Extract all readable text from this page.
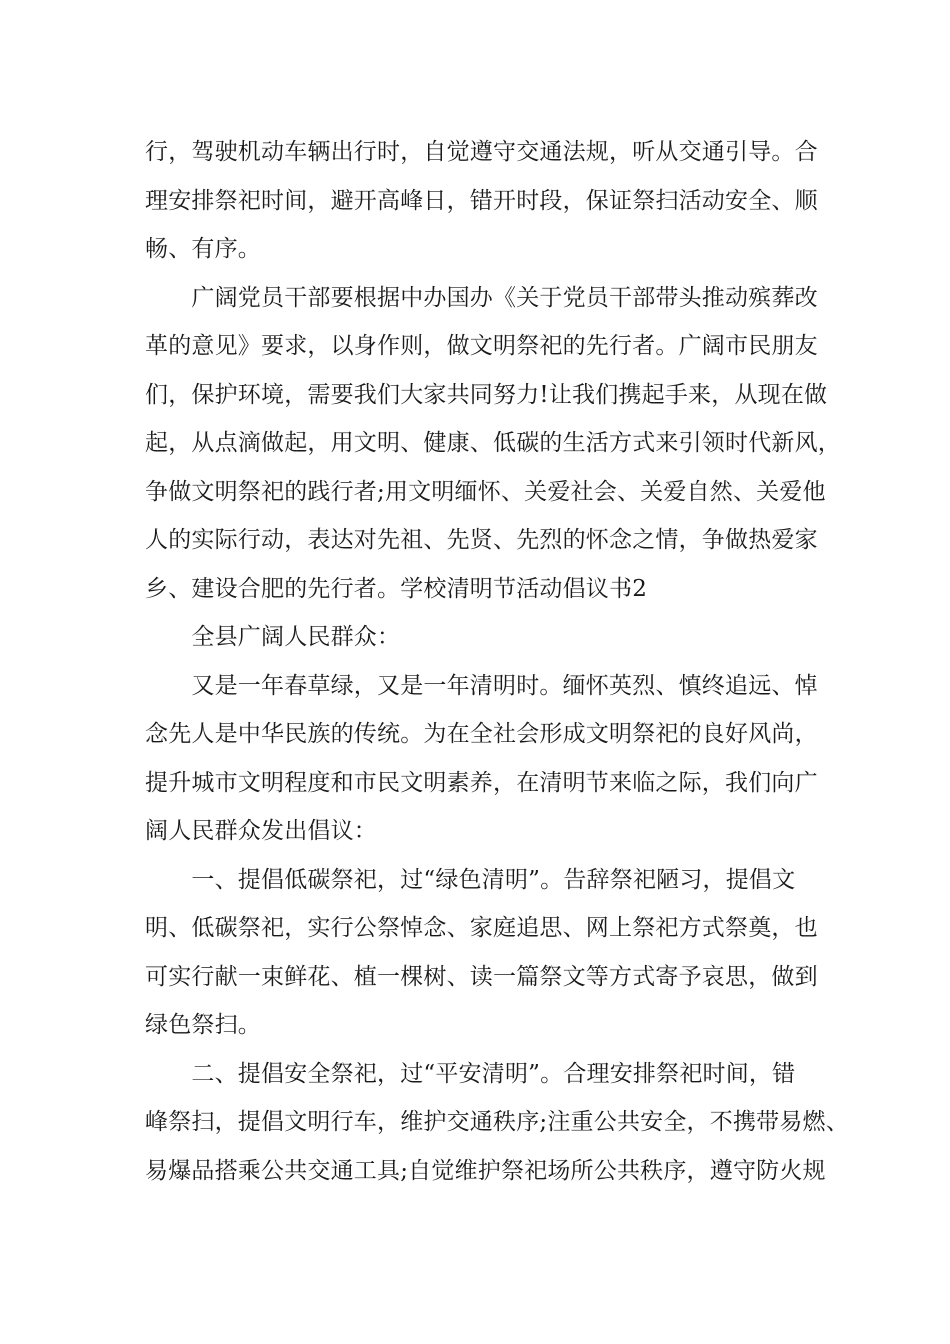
行，驾驶机动车辆出行时，自觉遵守交通法规，听从交通引导。合
理安排祭祀时间，避开高峰日，错开时段，保证祭扫活动安全、顺
畅、有序。
　　广阔党员干部要根据中办国办《关于党员干部带头推动殡葬改
革的意见》要求，以身作则，做文明祭祀的先行者。广阔市民朋友
们，保护环境，需要我们大家共同努力!让我们携起手来，从现在做
起，从点滴做起，用文明、健康、低碳的生活方式来引领时代新风，
争做文明祭祀的践行者;用文明缅怀、关爱社会、关爱自然、关爱他
人的实际行动，表达对先祖、先贤、先烈的怀念之情，争做热爱家
乡、建设合肥的先行者。学校清明节活动倡议书2
　　全县广阔人民群众：
　　又是一年春草绿，又是一年清明时。缅怀英烈、慎终追远、悼
念先人是中华民族的传统。为在全社会形成文明祭祀的良好风尚，
提升城市文明程度和市民文明素养，在清明节来临之际，我们向广
阔人民群众发出倡议：
　　一、提倡低碳祭祀，过“绿色清明”。告辞祭祀陋习，提倡文
明、低碳祭祀，实行公祭悼念、家庭追思、网上祭祀方式祭奠，也
可实行献一束鲜花、植一棵树、读一篇祭文等方式寄予哀思，做到
绿色祭扫。
　　二、提倡安全祭祀，过“平安清明”。合理安排祭祀时间，错
峰祭扫，提倡文明行车，维护交通秩序;注重公共安全，不携带易燃、
易爆品搭乘公共交通工具;自觉维护祭祀场所公共秩序，遵守防火规
